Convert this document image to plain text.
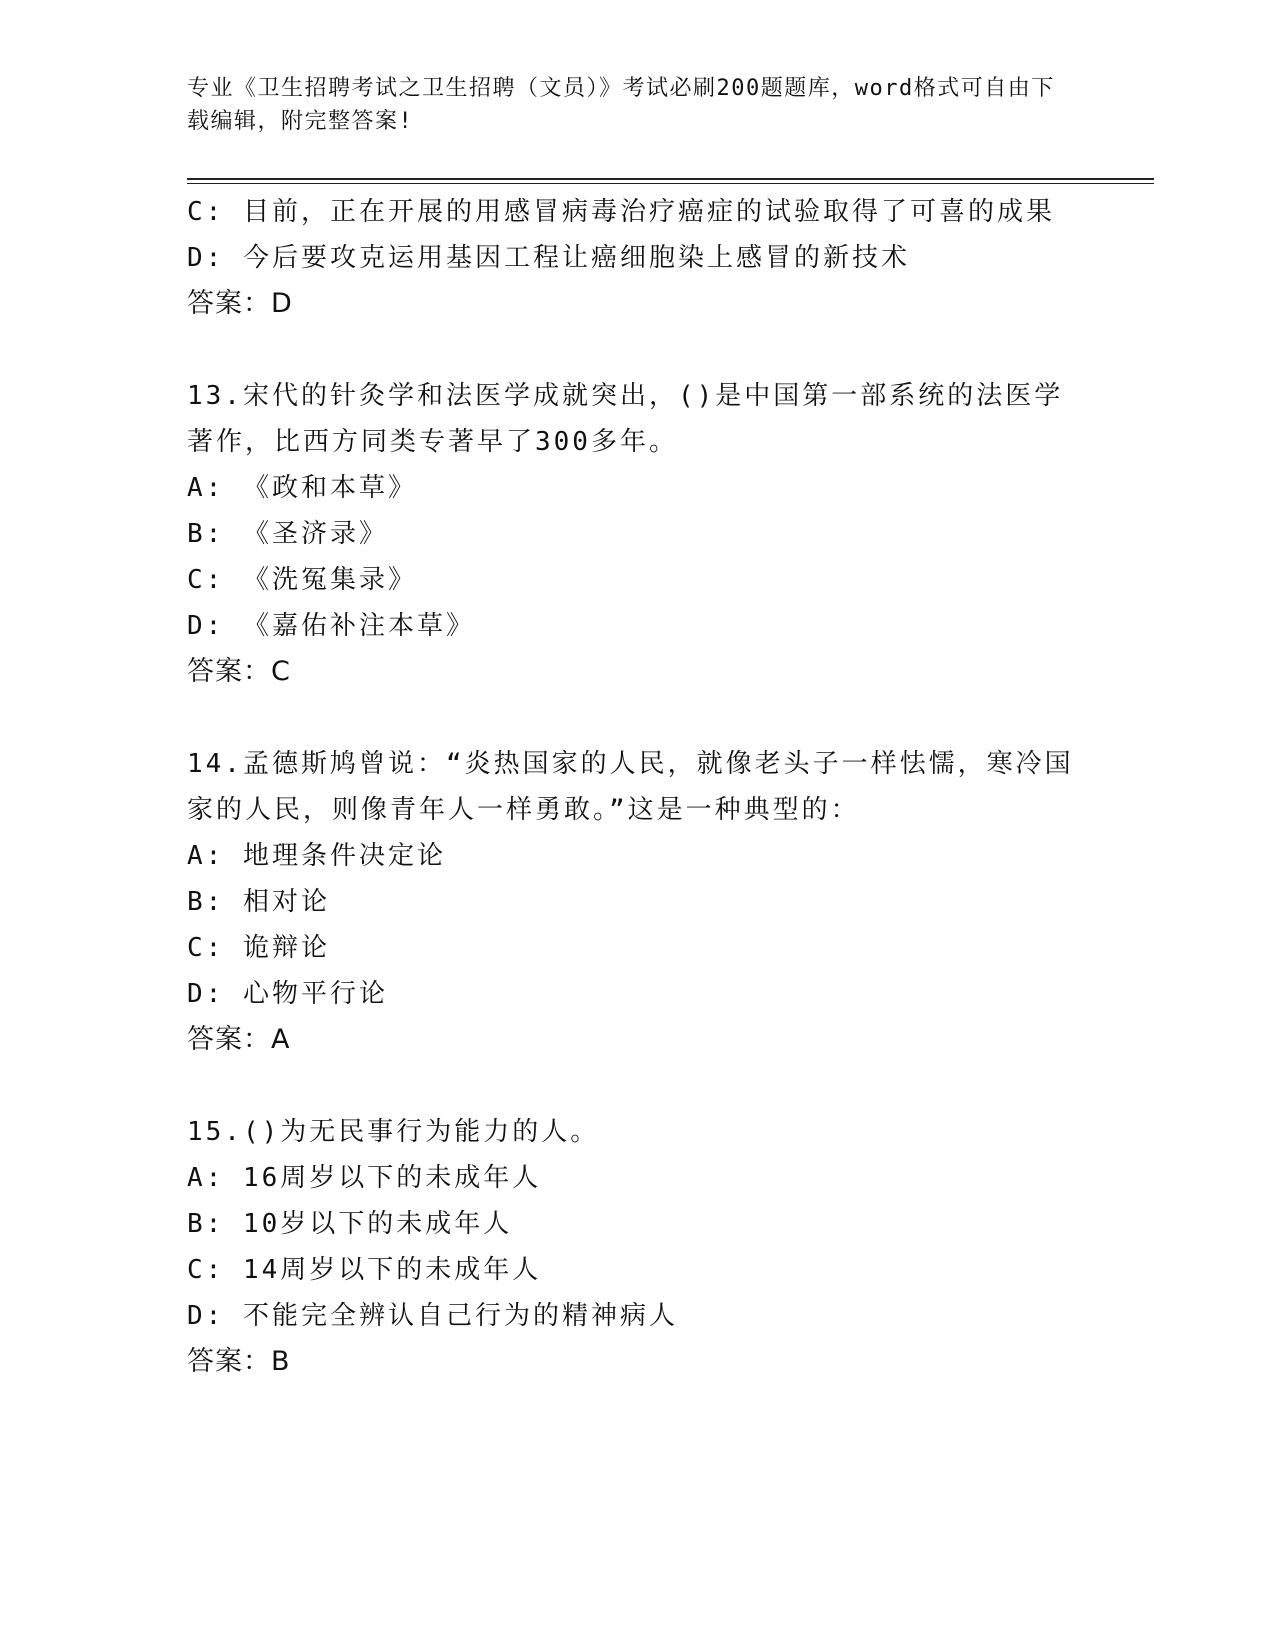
专业《卫生招聘考试之卫生招聘（文员）》考试必刷200题题库，word格式可自由下载编辑，附完整答案!
C: 目前，正在开展的用感冒病毒治疗癌症的试验取得了可喜的成果
D: 今后要攻克运用基因工程让癌细胞染上感冒的新技术
答案：D
13.宋代的针灸学和法医学成就突出，()是中国第一部系统的法医学著作，比西方同类专著早了300多年。
A: 《政和本草》
B: 《圣济录》
C: 《洗冤集录》
D: 《嘉佑补注本草》
答案：C
14.孟德斯鸠曾说：“炎热国家的人民，就像老头子一样怯懦，寒冷国家的人民，则像青年人一样勇敢。”这是一种典型的：
A: 地理条件决定论
B: 相对论
C: 诡辩论
D: 心物平行论
答案：A
15.()为无民事行为能力的人。
A: 16周岁以下的未成年人
B: 10岁以下的未成年人
C: 14周岁以下的未成年人
D: 不能完全辨认自己行为的精神病人
答案：B
